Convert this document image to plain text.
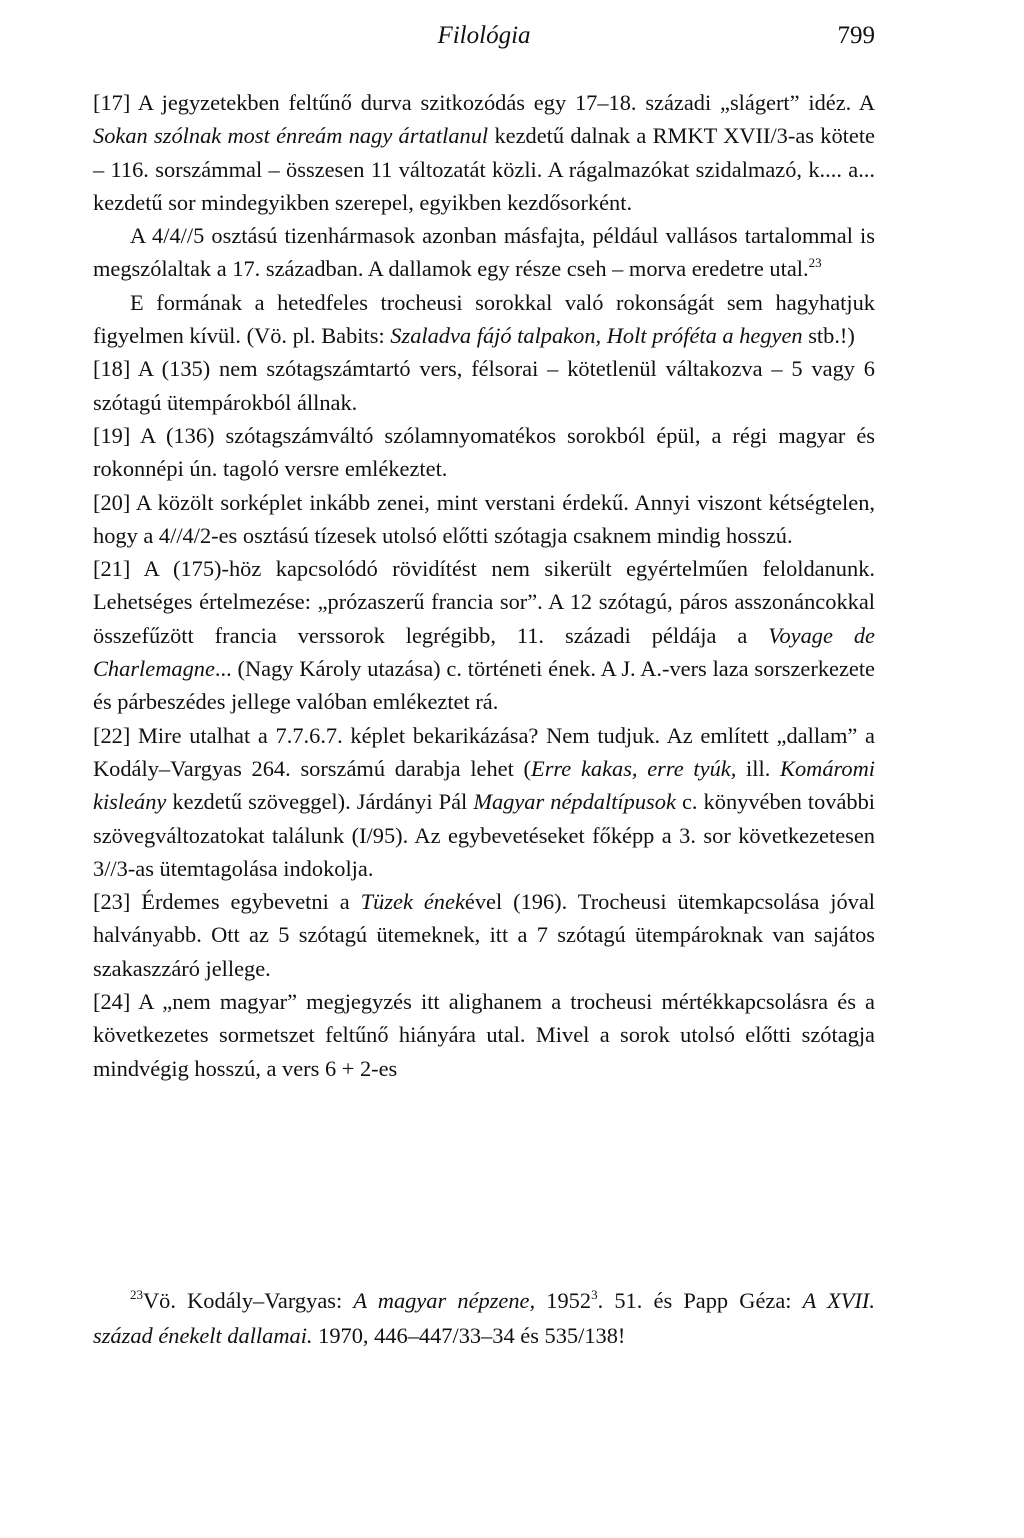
Filológia	799

[17] A jegyzetekben feltűnő durva szitkozódás egy 17–18. századi „slágert” idéz. A Sokan szólnak most énreám nagy ártatlanul kezdetű dalnak a RMKT XVII/3-as kötete – 116. sorszámmal – összesen 11 változatát közli. A rágalmazókat szidalmazó, k.... a... kezdetű sor mindegyikben szerepel, egyikben kezdősorként.

A 4/4//5 osztású tizenhármasok azonban másfajta, például vallásos tartalommal is megszólaltak a 17. században. A dallamok egy része cseh – morva eredetre utal.$^{23}$

E formának a hetedfeles trocheusi sorokkal való rokonságát sem hagyhatjuk figyelmen kívül. (Vö. pl. Babits: Szaladva fájó talpakon, Holt próféta a hegyen stb.!)

[18] A (135) nem szótagszámtartó vers, félsorai – kötetlenül váltakozva – 5 vagy 6 szótagú ütempárokból állnak.

[19] A (136) szótagszámváltó szólamnyomatékos sorokból épül, a régi magyar és rokonnépi ún. tagoló versre emlékeztet.

[20] A közölt sorképlet inkább zenei, mint verstani érdekű. Annyi viszont kétségtelen, hogy a 4//4/2-es osztású tízesek utolsó előtti szótagja csaknem mindig hosszú.

[21] A (175)-höz kapcsolódó rövidítést nem sikerült egyértelműen feloldanunk. Lehetséges értelmezése: „prózaszerű francia sor”. A 12 szótagú, páros asszonáncokkal összefűzött francia verssorok legrégibb, 11. századi példája a Voyage de Charlemagne... (Nagy Károly utazása) c. történeti ének. A J. A.-vers laza sorszerkezete és párbeszédes jellege valóban emlékeztet rá.

[22] Mire utalhat a 7.7.6.7. képlet bekarikázása? Nem tudjuk. Az említett „dallam” a Kodály–Vargyas 264. sorszámú darabja lehet (Erre kakas, erre tyúk, ill. Komáromi kisleány kezdetű szöveggel). Járdányi Pál Magyar népdaltípusok c. könyvében további szövegváltozatokat találunk (I/95). Az egybevetéseket főképp a 3. sor következetesen 3//3-as ütemtagolása indokolja.

[23] Érdemes egybevetni a Tüzek énekével (196). Trocheusi ütemkapcsolása jóval halványabb. Ott az 5 szótagú ütemeknek, itt a 7 szótagú ütempároknak van sajátos szakaszzáró jellege.

[24] A „nem magyar” megjegyzés itt alighanem a trocheusi mértékkapcsolásra és a következetes sormetszet feltűnő hiányára utal. Mivel a sorok utolsó előtti szótagja mindvégig hosszú, a vers 6 + 2-es

$^{23}$Vö. Kodály–Vargyas: A magyar népzene, 1952$^3$. 51. és Papp Géza: A XVII. század énekelt dallamai. 1970, 446–447/33–34 és 535/138!
